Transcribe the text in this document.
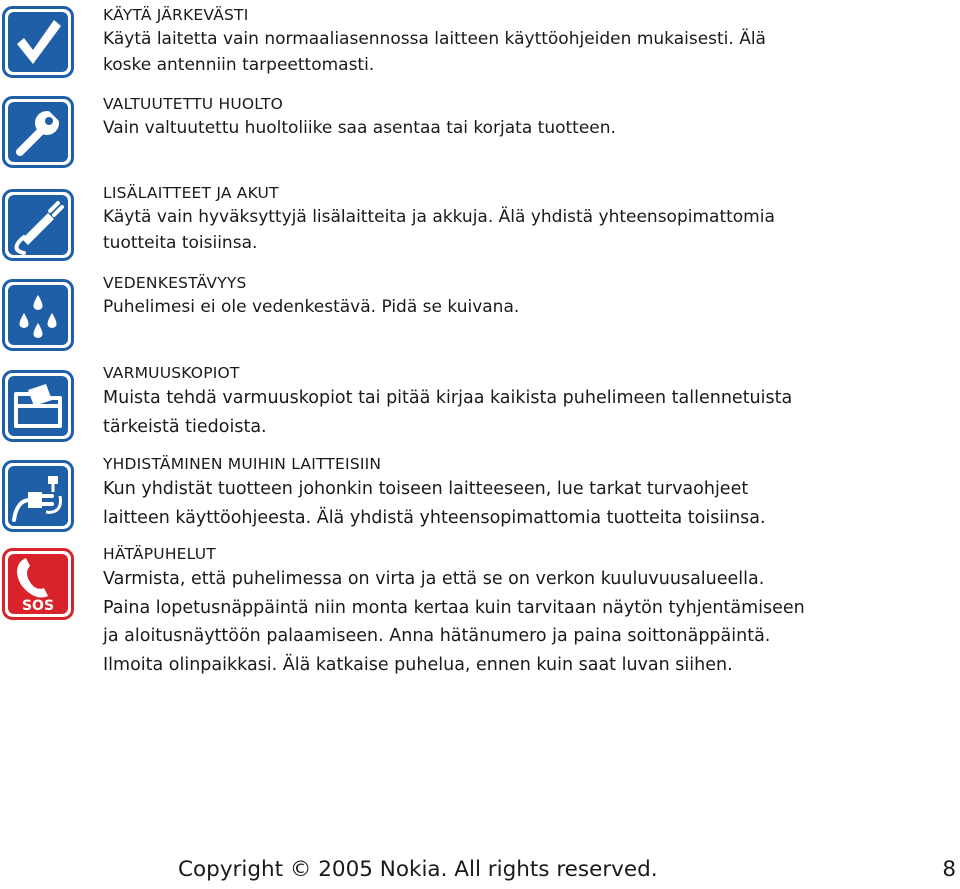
KÄYTÄ JÄRKEVÄSTI

Käytä laitetta vain normaaliasennossa laitteen käyttöohjeiden mukaisesti. Älä
koske antenniin tarpeettomasti.

VALTUUTETTU HUOLTO

Vain valtuutettu huoltoliike saa asentaa tai korjata tuotteen.

LISÄLAITTEET JA AKUT

Käytä vain hyväksyttyjä lisälaitteita ja akkuja. Älä yhdistä yhteensopimattomia
tuotteita toisiinsa.

VEDENKESTÄVYYS

Puhelimesi ei ole vedenkestävä. Pidä se kuivana.

VARMUUSKOPIOT

Muista tehdä varmuuskopiot tai pitää kirjaa kaikista puhelimeen tallennetuista
tärkeistä tiedoista.

YHDISTÄMINEN MUIHIN LAITTEISIIN

Kun yhdistät tuotteen johonkin toiseen laitteeseen, lue tarkat turvaohjeet
laitteen käyttöohjeesta. Älä yhdistä yhteensopimattomia tuotteita toisiinsa.

SOS

HÄTÄPUHELUT

Varmista, että puhelimessa on virta ja että se on verkon kuuluvuusalueella.
Paina lopetusnäppäintä niin monta kertaa kuin tarvitaan näytön tyhjentämiseen
ja aloitusnäyttöön palaamiseen. Anna hätänumero ja paina soittonäppäintä.
Ilmoita olinpaikkasi. Älä katkaise puhelua, ennen kuin saat luvan siihen.

Copyright © 2005 Nokia. All rights reserved.	8
